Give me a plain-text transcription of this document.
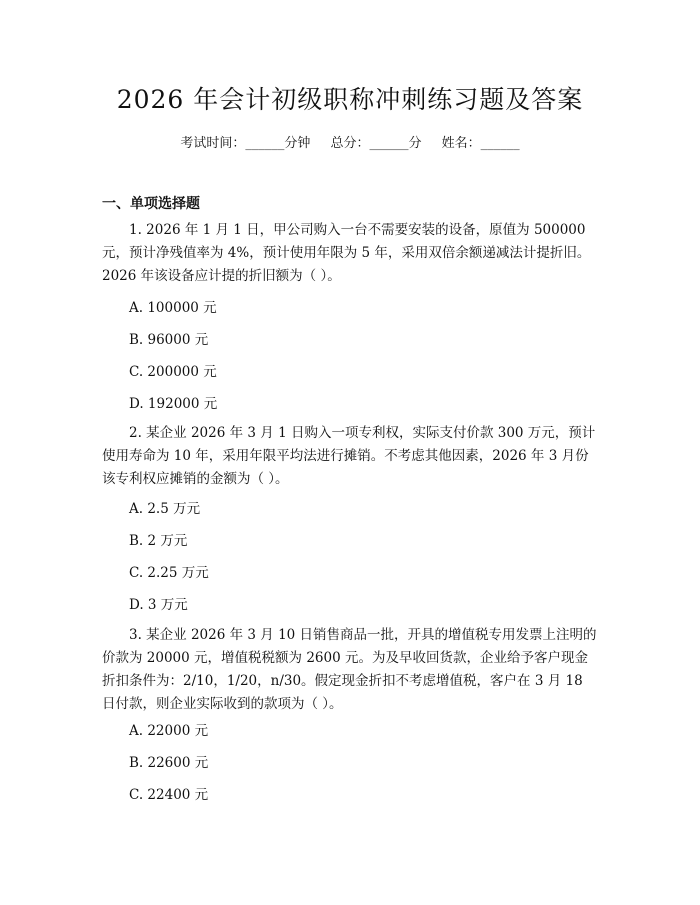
2026 年会计初级职称冲刺练习题及答案
考试时间：______分钟 总分：______分 姓名：______
一、单项选择题
1. 2026 年 1 月 1 日，甲公司购入一台不需要安装的设备，原值为 500000 元，预计净残值率为 4%，预计使用年限为 5 年，采用双倍余额递减法计提折旧。2026 年该设备应计提的折旧额为（ ）。
A. 100000 元
B. 96000 元
C. 200000 元
D. 192000 元
2. 某企业 2026 年 3 月 1 日购入一项专利权，实际支付价款 300 万元，预计使用寿命为 10 年，采用年限平均法进行摊销。不考虑其他因素，2026 年 3 月份该专利权应摊销的金额为（ ）。
A. 2.5 万元
B. 2 万元
C. 2.25 万元
D. 3 万元
3. 某企业 2026 年 3 月 10 日销售商品一批，开具的增值税专用发票上注明的价款为 20000 元，增值税税额为 2600 元。为及早收回货款，企业给予客户现金折扣条件为：2/10，1/20，n/30。假定现金折扣不考虑增值税，客户在 3 月 18 日付款，则企业实际收到的款项为（ ）。
A. 22000 元
B. 22600 元
C. 22400 元
